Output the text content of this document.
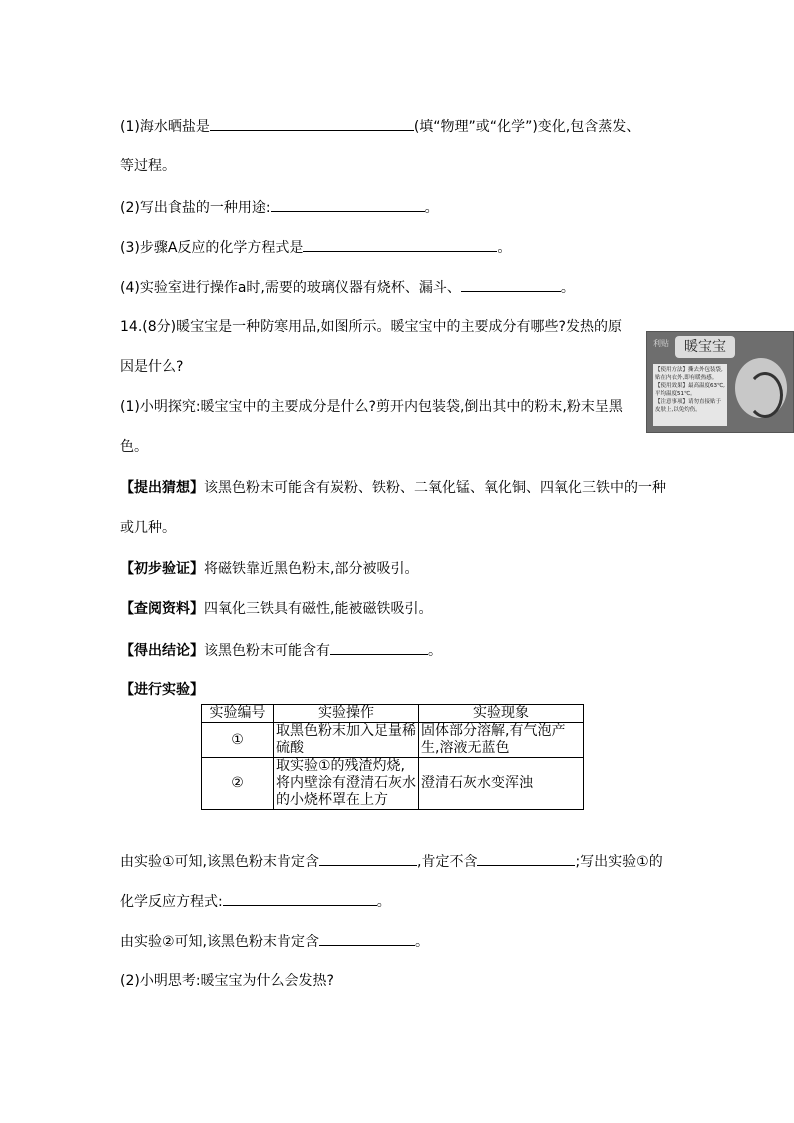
(1)海水晒盐是	(填“物理”或“化学”)变化,包含蒸发、
等过程。
(2)写出食盐的一种用途:	。
(3)步骤A反应的化学方程式是	。
(4)实验室进行操作a时,需要的玻璃仪器有烧杯、漏斗、	。
14.(8分)暖宝宝是一种防寒用品,如图所示。暖宝宝中的主要成分有哪些?发热的原
因是什么?
利贴	暖宝宝
【使用方法】撕去外包装袋,贴在内衣外,即有暖热感。
【使用效果】最高温度63℃,平均温度51℃。
【注意事项】请勿直接贴于皮肤上,以免灼伤。
(1)小明探究:暖宝宝中的主要成分是什么?剪开内包装袋,倒出其中的粉末,粉末呈黑
色。
【提出猜想】该黑色粉末可能含有炭粉、铁粉、二氧化锰、氧化铜、四氧化三铁中的一种
或几种。
【初步验证】将磁铁靠近黑色粉末,部分被吸引。
【查阅资料】四氧化三铁具有磁性,能被磁铁吸引。
【得出结论】该黑色粉末可能含有	。
【进行实验】
实验编号	实验操作	实验现象
①	取黑色粉末加入足量稀硫酸	固体部分溶解,有气泡产生,溶液无蓝色
②	取实验①的残渣灼烧,将内壁涂有澄清石灰水的小烧杯罩在上方	澄清石灰水变浑浊
由实验①可知,该黑色粉末肯定含	,肯定不含	;写出实验①的
化学反应方程式:	。
由实验②可知,该黑色粉末肯定含	。
(2)小明思考:暖宝宝为什么会发热?
